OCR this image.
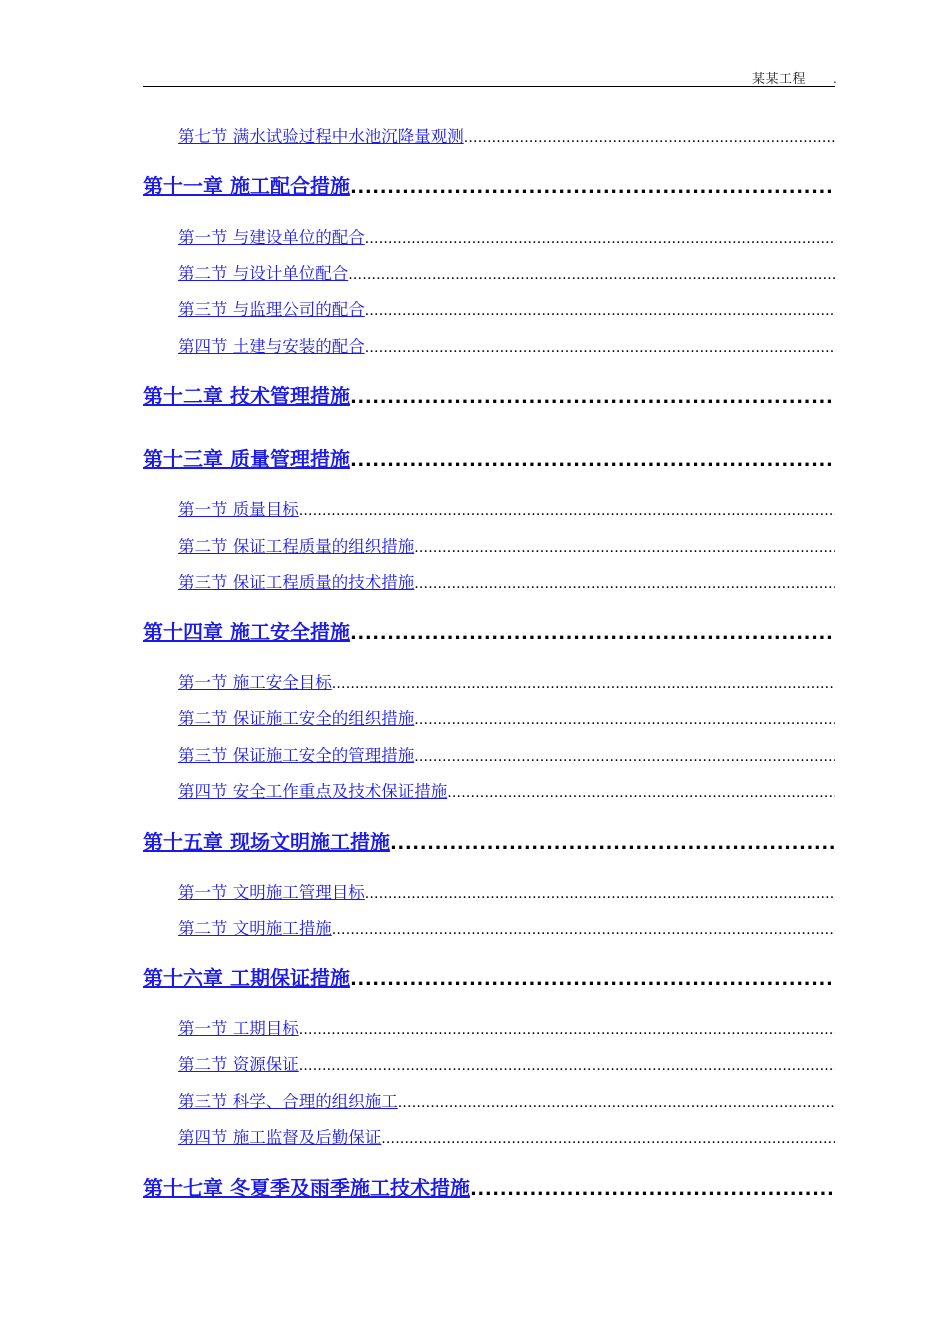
某某工程 .
第七节 满水试验过程中水池沉降量观测
.....
第十一章 施工配合措施
.....
第一节 与建设单位的配合
.....
第二节 与设计单位配合
.....
第三节 与监理公司的配合
.....
第四节 土建与安装的配合
.....
第十二章 技术管理措施
.....
第十三章 质量管理措施
.....
第一节 质量目标
.....
第二节 保证工程质量的组织措施
.....
第三节 保证工程质量的技术措施
.....
第十四章 施工安全措施
.....
第一节 施工安全目标
.....
第二节 保证施工安全的组织措施
.....
第三节 保证施工安全的管理措施
.....
第四节 安全工作重点及技术保证措施
.....
第十五章 现场文明施工措施
.....
第一节 文明施工管理目标
.....
第二节 文明施工措施
.....
第十六章 工期保证措施
.....
第一节 工期目标
.....
第二节 资源保证
.....
第三节 科学、合理的组织施工
.....
第四节 施工监督及后勤保证
.....
第十七章 冬夏季及雨季施工技术措施
.....
